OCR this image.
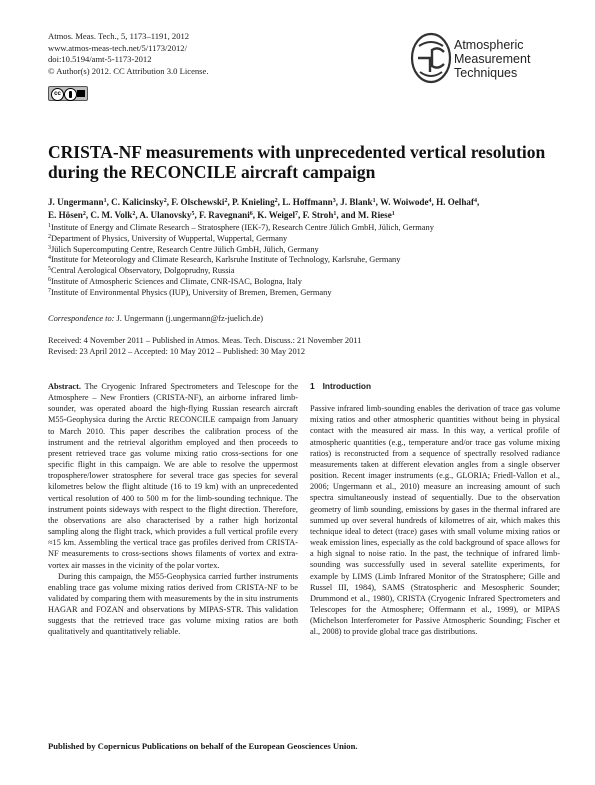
Atmos. Meas. Tech., 5, 1173–1191, 2012
www.atmos-meas-tech.net/5/1173/2012/
doi:10.5194/amt-5-1173-2012
© Author(s) 2012. CC Attribution 3.0 License.
cc
Atmospheric
Measurement
Techniques
CRISTA-NF measurements with unprecedented vertical resolution
during the RECONCILE aircraft campaign
J. Ungermann$^1$, C. Kalicinsky$^2$, F. Olschewski$^2$, P. Knieling$^2$, L. Hoffmann$^3$, J. Blank$^1$, W. Woiwode$^4$, H. Oelhaf$^4$,
E. Hösen$^2$, C. M. Volk$^2$, A. Ulanovsky$^5$, F. Ravegnani$^6$, K. Weigel$^7$, F. Stroh$^1$, and M. Riese$^1$
$^1$Institute of Energy and Climate Research – Stratosphere (IEK-7), Research Centre Jülich GmbH, Jülich, Germany
$^2$Department of Physics, University of Wuppertal, Wuppertal, Germany
$^3$Jülich Supercomputing Centre, Research Centre Jülich GmbH, Jülich, Germany
$^4$Institute for Meteorology and Climate Research, Karlsruhe Institute of Technology, Karlsruhe, Germany
$^5$Central Aerological Observatory, Dolgoprudny, Russia
$^6$Institute of Atmospheric Sciences and Climate, CNR-ISAC, Bologna, Italy
$^7$Institute of Environmental Physics (IUP), University of Bremen, Bremen, Germany
Correspondence to: J. Ungermann (j.ungermann@fz-juelich.de)
Received: 4 November 2011 – Published in Atmos. Meas. Tech. Discuss.: 21 November 2011
Revised: 23 April 2012 – Accepted: 10 May 2012 – Published: 30 May 2012

Abstract. The Cryogenic Infrared Spectrometers and Telescope for the Atmosphere – New Frontiers (CRISTA-NF), an airborne infrared limb-sounder, was operated aboard the high-flying Russian research aircraft M55-Geophysica during the Arctic RECONCILE campaign from January to March 2010. This paper describes the calibration process of the instrument and the retrieval algorithm employed and then proceeds to present retrieved trace gas volume mixing ratio cross-sections for one specific flight in this campaign. We are able to resolve the uppermost troposphere/lower stratosphere for several trace gas species for several kilometres below the flight altitude (16 to 19 km) with an unprecedented vertical resolution of 400 to 500 m for the limb-sounding technique. The instrument points sideways with respect to the flight direction. Therefore, the observations are also characterised by a rather high horizontal sampling along the flight track, which provides a full vertical profile every ≈15 km. Assembling the vertical trace gas profiles derived from CRISTA-NF measurements to cross-sections shows filaments of vortex and extra-vortex air masses in the vicinity of the polar vortex.

During this campaign, the M55-Geophysica carried further instruments enabling trace gas volume mixing ratios derived from CRISTA-NF to be validated by comparing them with measurements by the in situ instruments HAGAR and FOZAN and observations by MIPAS-STR. This validation suggests that the retrieved trace gas volume mixing ratios are both qualitatively and quantitatively reliable.

1 Introduction

Passive infrared limb-sounding enables the derivation of trace gas volume mixing ratios and other atmospheric quantities without being in physical contact with the measured air mass. In this way, a vertical profile of atmospheric quantities (e.g., temperature and/or trace gas volume mixing ratios) is reconstructed from a sequence of spectrally resolved radiance measurements taken at different elevation angles from a single observer position. Recent imager instruments (e.g., GLORIA; Friedl-Vallon et al., 2006; Ungermann et al., 2010) measure an increasing amount of such spectra simultaneously instead of sequentially. Due to the observation geometry of limb sounding, emissions by gases in the thermal infrared are summed up over several hundreds of kilometres of air, which makes this technique ideal to detect (trace) gases with small volume mixing ratios or weak emission lines, especially as the cold background of space allows for a high signal to noise ratio. In the past, the technique of infrared limb-sounding was successfully used in several satellite experiments, for example by LIMS (Limb Infrared Monitor of the Stratosphere; Gille and Russel III, 1984), SAMS (Stratospheric and Mesospheric Sounder; Drummond et al., 1980), CRISTA (Cryogenic Infrared Spectrometers and Telescopes for the Atmosphere; Offermann et al., 1999), or MIPAS (Michelson Interferometer for Passive Atmospheric Sounding; Fischer et al., 2008) to provide global trace gas distributions.

Published by Copernicus Publications on behalf of the European Geosciences Union.
